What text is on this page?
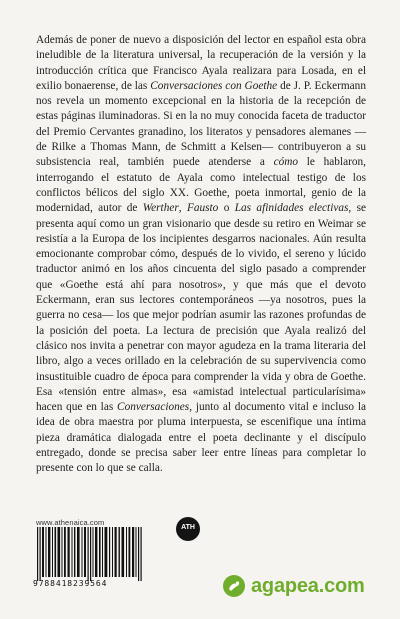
Además de poner de nuevo a disposición del lector en español esta obra ineludible de la literatura universal, la recuperación de la versión y la introducción crítica que Francisco Ayala realizara para Losada, en el exilio bonaerense, de las Conversaciones con Goethe de J. P. Eckermann nos revela un momento excepcional en la historia de la recepción de estas páginas iluminadoras. Si en la no muy conocida faceta de traductor del Premio Cervantes granadino, los literatos y pensadores alemanes —de Rilke a Thomas Mann, de Schmitt a Kelsen— contribuyeron a su subsistencia real, también puede atenderse a cómo le hablaron, interrogando el estatuto de Ayala como intelectual testigo de los conflictos bélicos del siglo XX. Goethe, poeta inmortal, genio de la modernidad, autor de Werther, Fausto o Las afinidades electivas, se presenta aquí como un gran visionario que desde su retiro en Weimar se resistía a la Europa de los incipientes desgarros nacionales. Aún resulta emocionante comprobar cómo, después de lo vivido, el sereno y lúcido traductor animó en los años cincuenta del siglo pasado a comprender que «Goethe está ahí para nosotros», y que más que el devoto Eckermann, eran sus lectores contemporáneos —ya nosotros, pues la guerra no cesa— los que mejor podrían asumir las razones profundas de la posición del poeta. La lectura de precisión que Ayala realizó del clásico nos invita a penetrar con mayor agudeza en la trama literaria del libro, algo a veces orillado en la celebración de su supervivencia como insustituible cuadro de época para comprender la vida y obra de Goethe. Esa «tensión entre almas», esa «amistad intelectual particularísima» hacen que en las Conversaciones, junto al documento vital e incluso la idea de obra maestra por pluma interpuesta, se escenifique una íntima pieza dramática dialogada entre el poeta declinante y el discípulo entregado, donde se precisa saber leer entre líneas para completar lo presente con lo que se calla.

www.athenaica.com
9788418239564
ATH
agapea.com
